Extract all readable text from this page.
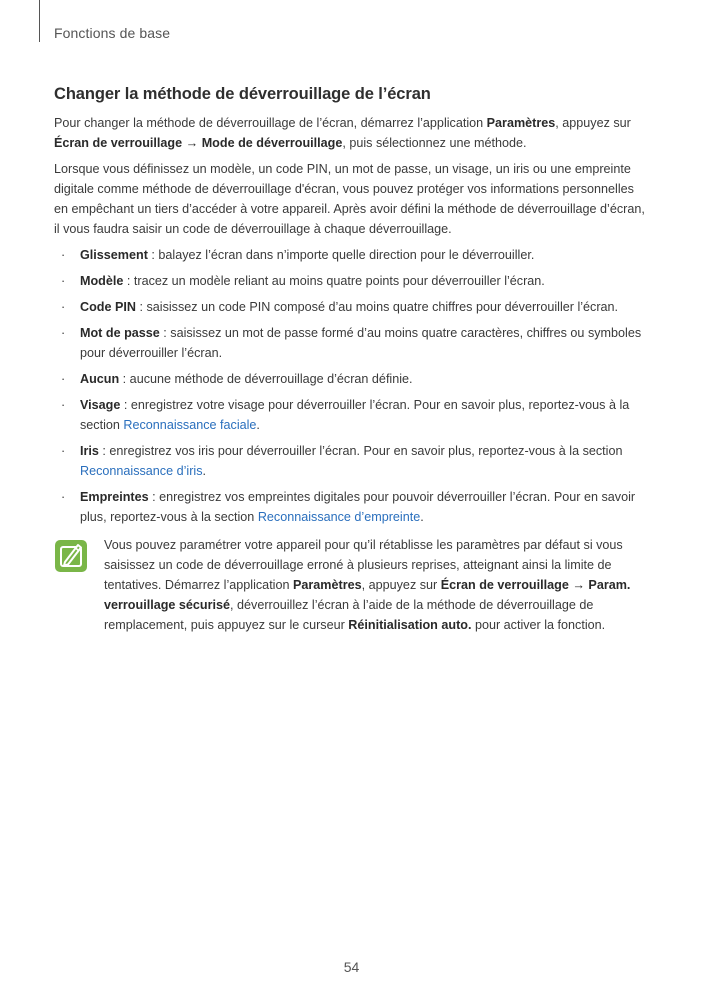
Fonctions de base
Changer la méthode de déverrouillage de l’écran

Pour changer la méthode de déverrouillage de l’écran, démarrez l’application Paramètres, appuyez sur Écran de verrouillage → Mode de déverrouillage, puis sélectionnez une méthode.

Lorsque vous définissez un modèle, un code PIN, un mot de passe, un visage, un iris ou une empreinte digitale comme méthode de déverrouillage d'écran, vous pouvez protéger vos informations personnelles en empêchant un tiers d’accéder à votre appareil. Après avoir défini la méthode de déverrouillage d’écran, il vous faudra saisir un code de déverrouillage à chaque déverrouillage.

· Glissement : balayez l’écran dans n’importe quelle direction pour le déverrouiller.
· Modèle : tracez un modèle reliant au moins quatre points pour déverrouiller l’écran.
· Code PIN : saisissez un code PIN composé d’au moins quatre chiffres pour déverrouiller l’écran.
· Mot de passe : saisissez un mot de passe formé d’au moins quatre caractères, chiffres ou symboles pour déverrouiller l’écran.
· Aucun : aucune méthode de déverrouillage d’écran définie.
· Visage : enregistrez votre visage pour déverrouiller l’écran. Pour en savoir plus, reportez-vous à la section Reconnaissance faciale.
· Iris : enregistrez vos iris pour déverrouiller l’écran. Pour en savoir plus, reportez-vous à la section Reconnaissance d’iris.
· Empreintes : enregistrez vos empreintes digitales pour pouvoir déverrouiller l’écran. Pour en savoir plus, reportez-vous à la section Reconnaissance d’empreinte.
Vous pouvez paramétrer votre appareil pour qu’il rétablisse les paramètres par défaut si vous saisissez un code de déverrouillage erroné à plusieurs reprises, atteignant ainsi la limite de tentatives. Démarrez l’application Paramètres, appuyez sur Écran de verrouillage → Param. verrouillage sécurisé, déverrouillez l’écran à l’aide de la méthode de déverrouillage de remplacement, puis appuyez sur le curseur Réinitialisation auto. pour activer la fonction.
54
